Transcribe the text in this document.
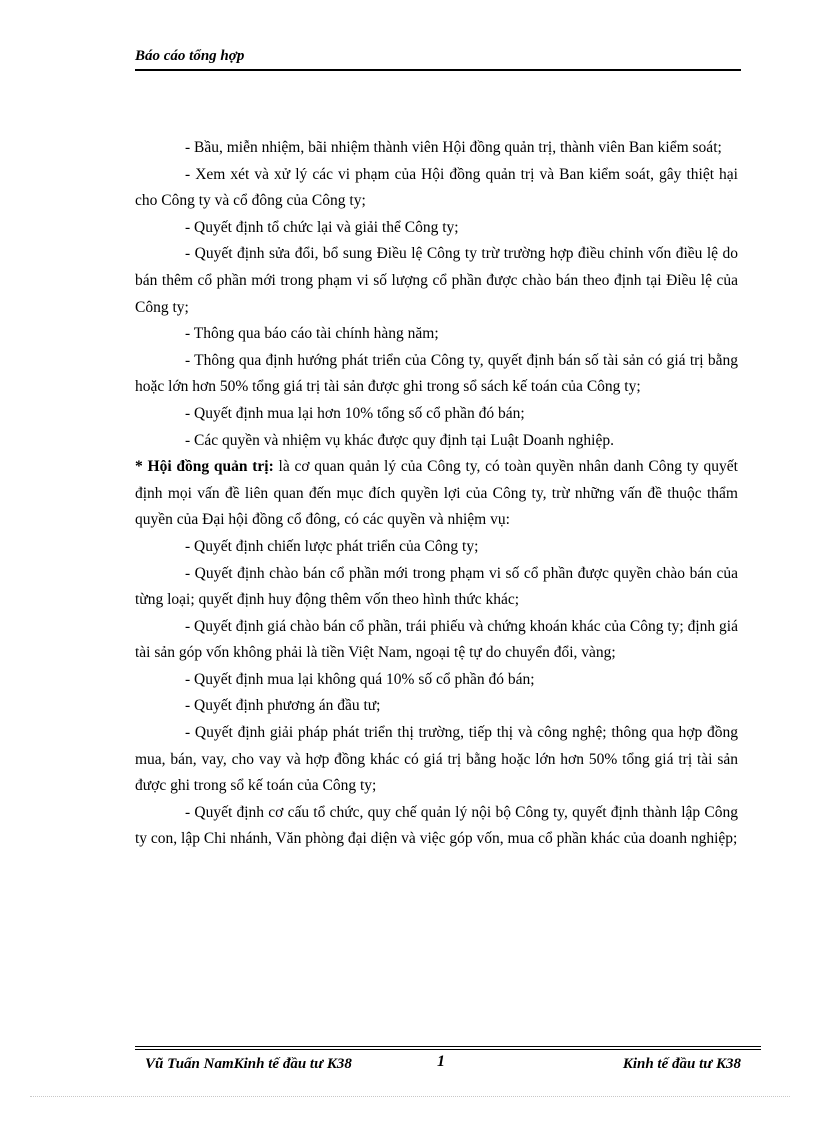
Báo cáo tổng hợp

- Bầu, miễn nhiệm, bãi nhiệm thành viên Hội đồng quản trị, thành viên Ban kiểm soát;

- Xem xét và xử lý các vi phạm của Hội đồng quản trị và Ban kiểm soát, gây thiệt hại cho Công ty và cổ đông của Công ty;

- Quyết định tổ chức lại và giải thể Công ty;

- Quyết định sửa đổi, bổ sung Điều lệ Công ty trừ trường hợp điều chỉnh vốn điều lệ do bán thêm cổ phần mới trong phạm vi số lượng cổ phần được chào bán theo định tại Điều lệ của Công ty;

- Thông qua báo cáo tài chính hàng năm;

- Thông qua định hướng phát triển của Công ty, quyết định bán số tài sản có giá trị bằng hoặc lớn hơn 50% tổng giá trị tài sản được ghi trong sổ sách kế toán của Công ty;

- Quyết định mua lại hơn 10% tổng số cổ phần đó bán;

- Các quyền và nhiệm vụ khác được quy định tại Luật Doanh nghiệp.

* Hội đồng quản trị: là cơ quan quản lý của Công ty, có toàn quyền nhân danh Công ty quyết định mọi vấn đề liên quan đến mục đích quyền lợi của Công ty, trừ những vấn đề thuộc thẩm quyền của Đại hội đồng cổ đông, có các quyền và nhiệm vụ:

- Quyết định chiến lược phát triển của Công ty;

- Quyết định chào bán cổ phần mới trong phạm vi số cổ phần được quyền chào bán của từng loại; quyết định huy động thêm vốn theo hình thức khác;

- Quyết định giá chào bán cổ phần, trái phiếu và chứng khoán khác của Công ty; định giá tài sản góp vốn không phải là tiền Việt Nam, ngoại tệ tự do chuyển đổi, vàng;

- Quyết định mua lại không quá 10% số cổ phần đó bán;

- Quyết định phương án đầu tư;

- Quyết định giải pháp phát triển thị trường, tiếp thị và công nghệ; thông qua hợp đồng mua, bán, vay, cho vay và hợp đồng khác có giá trị bằng hoặc lớn hơn 50% tổng giá trị tài sản được ghi trong sổ kế toán của Công ty;

- Quyết định cơ cấu tổ chức, quy chế quản lý nội bộ Công ty, quyết định thành lập Công ty con, lập Chi nhánh, Văn phòng đại diện và việc góp vốn, mua cổ phần khác của doanh nghiệp;

Vũ Tuấn NamKinh tế đầu tư K38	1	Kinh tế đầu tư K38
